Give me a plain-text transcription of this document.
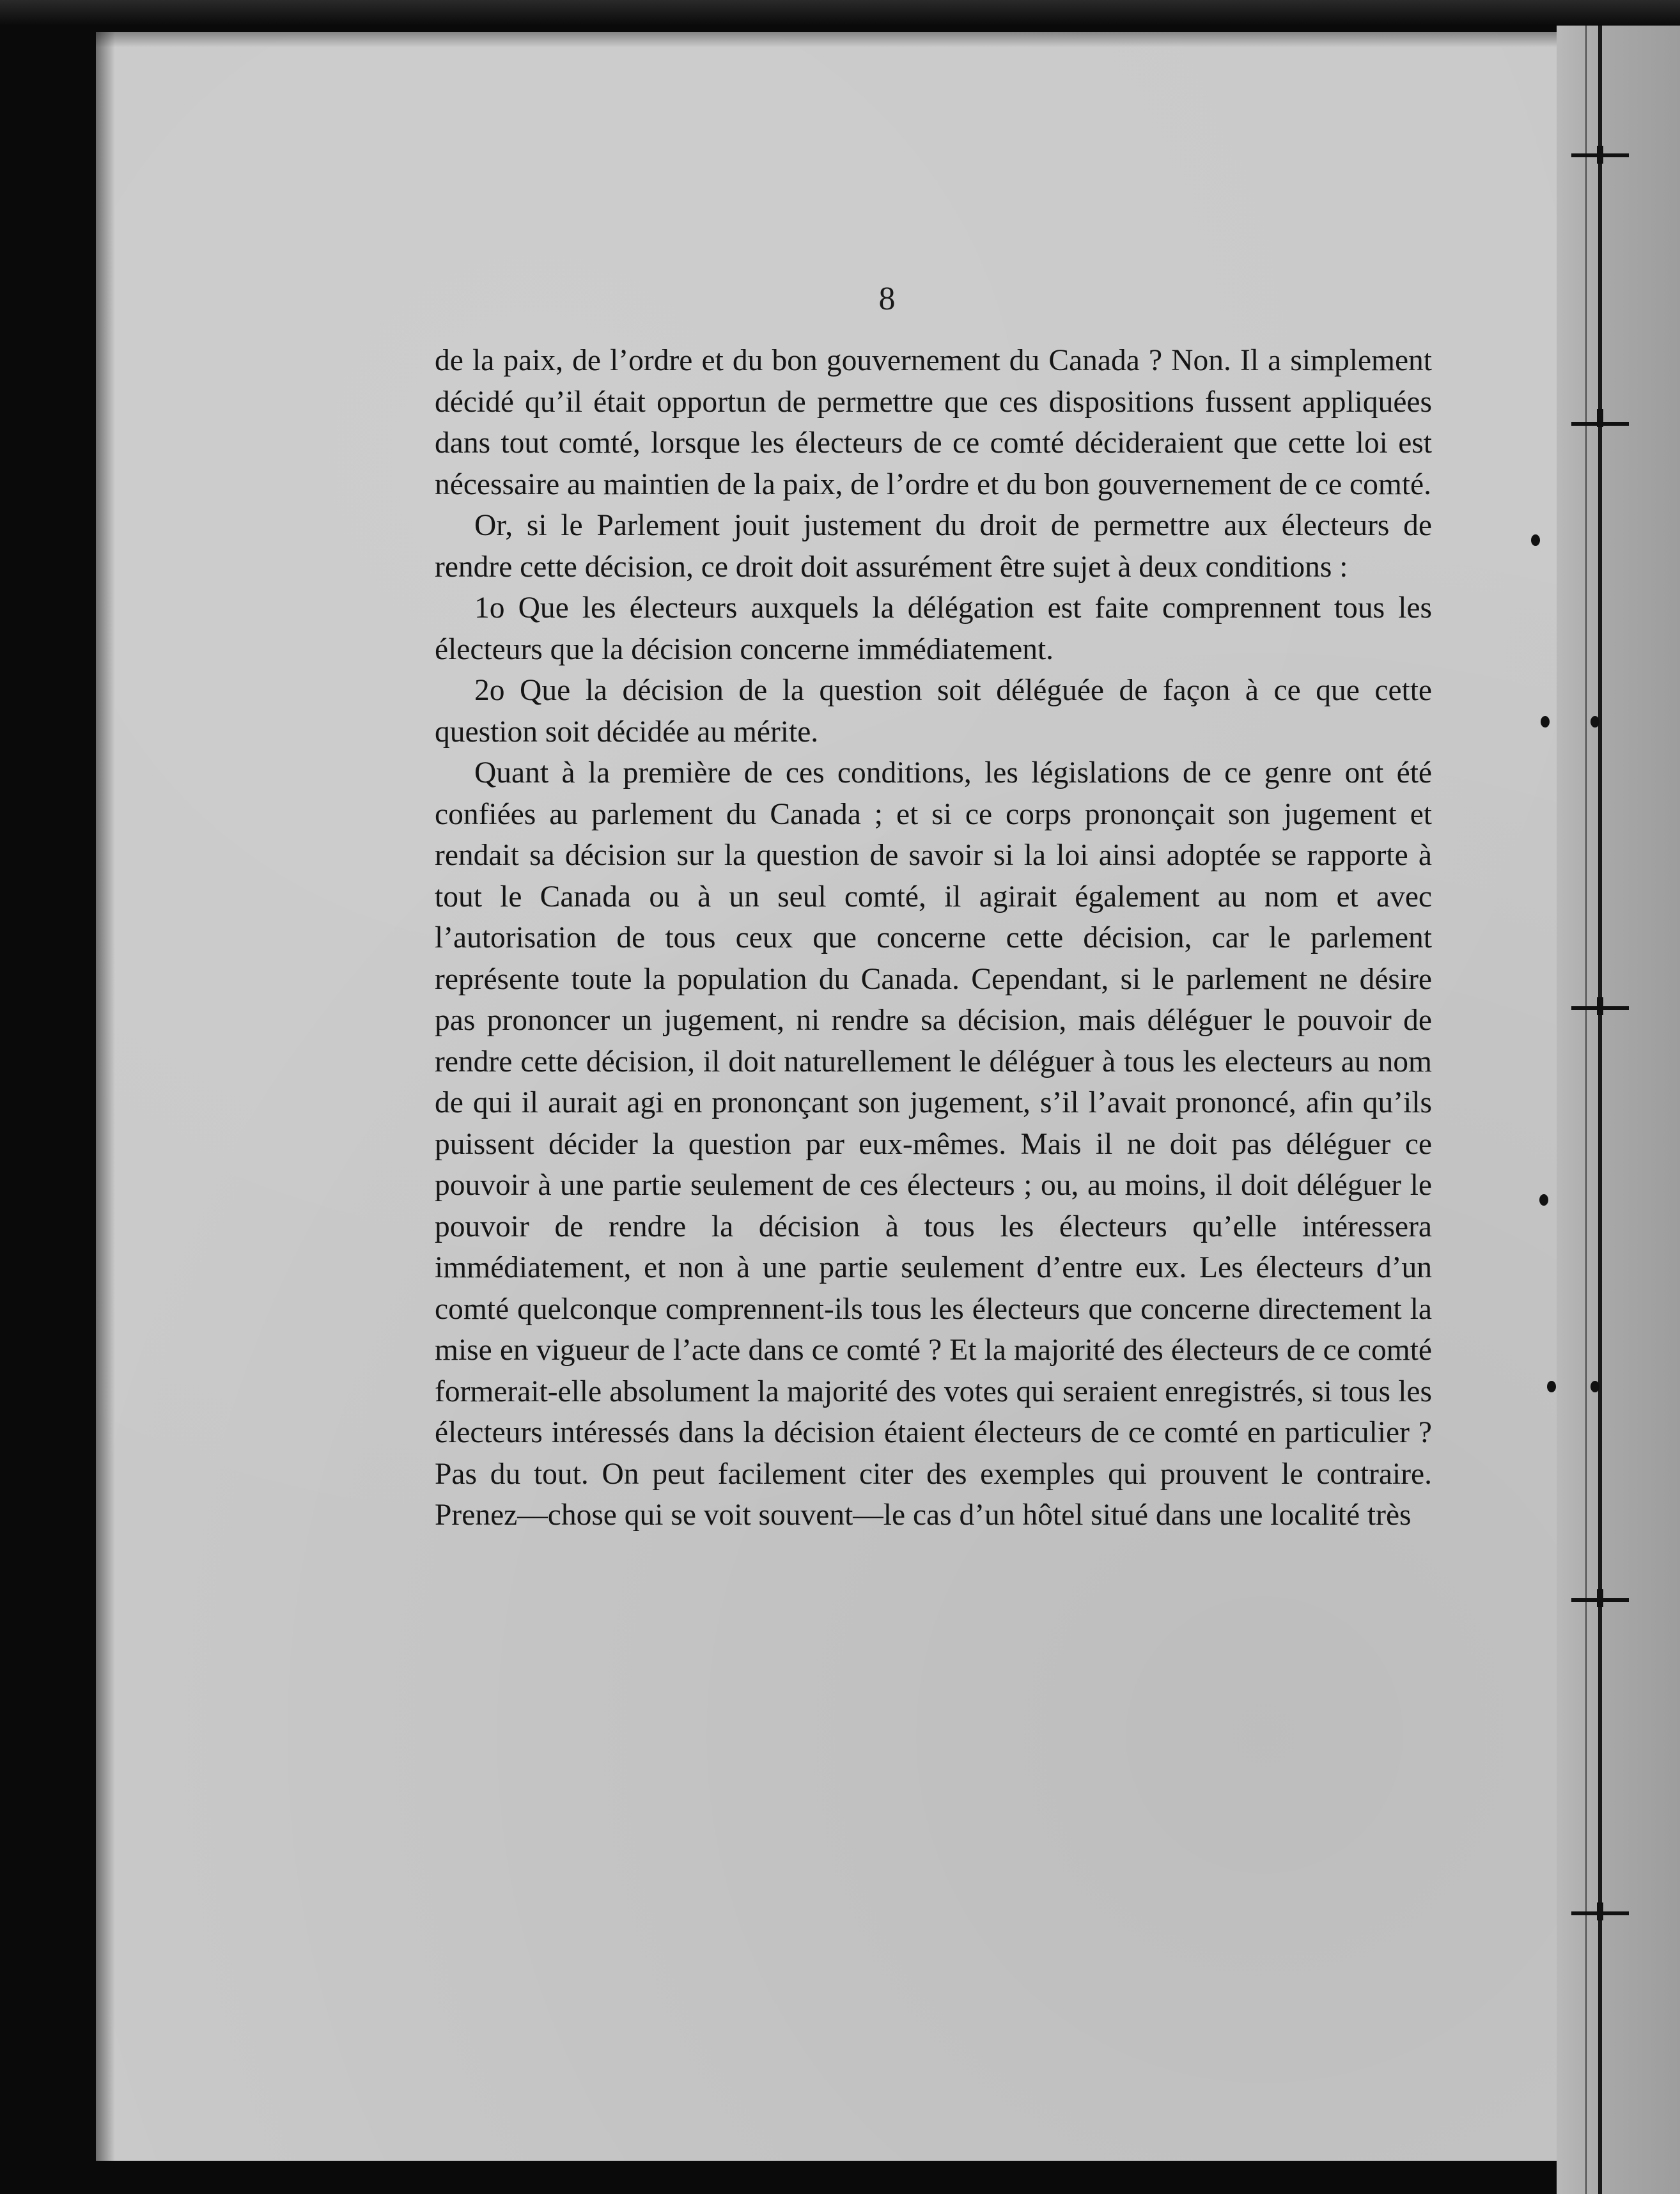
8

de la paix, de l’ordre et du bon gouvernement du Canada ? Non. Il a simplement décidé qu’il était opportun de permettre que ces dispositions fussent appliquées dans tout comté, lorsque les électeurs de ce comté décideraient que cette loi est nécessaire au maintien de la paix, de l’ordre et du bon gouvernement de ce comté.

Or, si le Parlement jouit justement du droit de permettre aux électeurs de rendre cette décision, ce droit doit assurément être sujet à deux conditions :

1o Que les électeurs auxquels la délégation est faite comprennent tous les électeurs que la décision concerne immédiatement.

2o Que la décision de la question soit déléguée de façon à ce que cette question soit décidée au mérite.

Quant à la première de ces conditions, les législations de ce genre ont été confiées au parlement du Canada ; et si ce corps prononçait son jugement et rendait sa décision sur la question de savoir si la loi ainsi adoptée se rapporte à tout le Canada ou à un seul comté, il agirait également au nom et avec l’autorisation de tous ceux que concerne cette décision, car le parlement représente toute la population du Canada. Cependant, si le parlement ne désire pas prononcer un jugement, ni rendre sa décision, mais déléguer le pouvoir de rendre cette décision, il doit naturellement le déléguer à tous les electeurs au nom de qui il aurait agi en prononçant son jugement, s’il l’avait prononcé, afin qu’ils puissent décider la question par eux-mêmes. Mais il ne doit pas déléguer ce pouvoir à une partie seulement de ces électeurs ; ou, au moins, il doit déléguer le pouvoir de rendre la décision à tous les électeurs qu’elle intéressera immédiatement, et non à une partie seulement d’entre eux. Les électeurs d’un comté quelconque comprennent-ils tous les électeurs que concerne directement la mise en vigueur de l’acte dans ce comté ? Et la majorité des électeurs de ce comté formerait-elle absolument la majorité des votes qui seraient enregistrés, si tous les électeurs intéressés dans la décision étaient électeurs de ce comté en particulier ? Pas du tout. On peut facilement citer des exemples qui prouvent le contraire. Prenez—chose qui se voit souvent—le cas d’un hôtel situé dans une localité très
